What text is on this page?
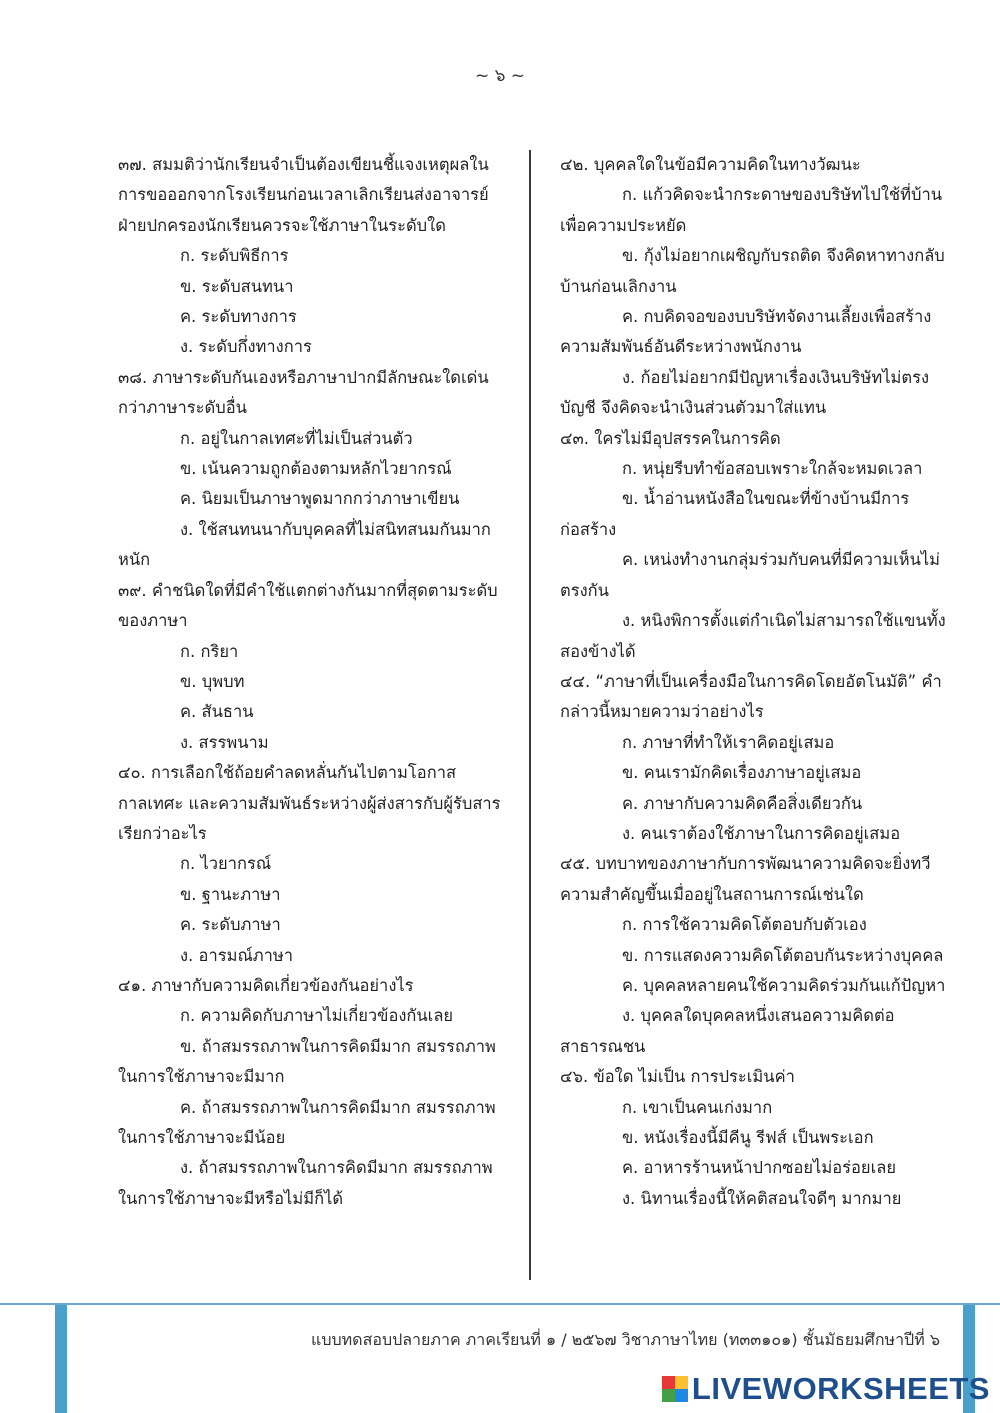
~ ๖ ~

๓๗. สมมติว่านักเรียนจำเป็นต้องเขียนชี้แจงเหตุผลในการขอออกจากโรงเรียนก่อนเวลาเลิกเรียนส่งอาจารย์ฝ่ายปกครองนักเรียนควรจะใช้ภาษาในระดับใด

ก. ระดับพิธีการ

ข. ระดับสนทนา

ค. ระดับทางการ

ง. ระดับกึ่งทางการ

๓๘. ภาษาระดับกันเองหรือภาษาปากมีลักษณะใดเด่นกว่าภาษาระดับอื่น

ก. อยู่ในกาลเทศะที่ไม่เป็นส่วนตัว

ข. เน้นความถูกต้องตามหลักไวยากรณ์

ค. นิยมเป็นภาษาพูดมากกว่าภาษาเขียน

ง. ใช้สนทนนากับบุคคลที่ไม่สนิทสนมกันมากหนัก

๓๙. คำชนิดใดที่มีคำใช้แตกต่างกันมากที่สุดตามระดับของภาษา

ก. กริยา

ข. บุพบท

ค. สันธาน

ง. สรรพนาม

๔๐. การเลือกใช้ถ้อยคำลดหลั่นกันไปตามโอกาส กาลเทศะ และความสัมพันธ์ระหว่างผู้ส่งสารกับผู้รับสารเรียกว่าอะไร

ก. ไวยากรณ์

ข. ฐานะภาษา

ค. ระดับภาษา

ง. อารมณ์ภาษา

๔๑. ภาษากับความคิดเกี่ยวข้องกันอย่างไร

ก. ความคิดกับภาษาไม่เกี่ยวข้องกันเลย

ข. ถ้าสมรรถภาพในการคิดมีมาก สมรรถภาพในการใช้ภาษาจะมีมาก

ค. ถ้าสมรรถภาพในการคิดมีมาก สมรรถภาพในการใช้ภาษาจะมีน้อย

ง. ถ้าสมรรถภาพในการคิดมีมาก สมรรถภาพในการใช้ภาษาจะมีหรือไม่มีก็ได้

๔๒. บุคคลใดในข้อมีความคิดในทางวัฒนะ

ก. แก้วคิดจะนำกระดาษของบริษัทไปใช้ที่บ้านเพื่อความประหยัด

ข. กุ้งไม่อยากเผชิญกับรถติด จึงคิดหาทางกลับบ้านก่อนเลิกงาน

ค. กบคิดจอของบบริษัทจัดงานเลี้ยงเพื่อสร้างความสัมพันธ์อันดีระหว่างพนักงาน

ง. ก้อยไม่อยากมีปัญหาเรื่องเงินบริษัทไม่ตรงบัญชี จึงคิดจะนำเงินส่วนตัวมาใส่แทน

๔๓. ใครไม่มีอุปสรรคในการคิด

ก. หนุ่ยรีบทำข้อสอบเพราะใกล้จะหมดเวลา

ข. น้ำอ่านหนังสือในขณะที่ข้างบ้านมีการก่อสร้าง

ค. เหน่งทำงานกลุ่มร่วมกับคนที่มีความเห็นไม่ตรงกัน

ง. หนิงพิการตั้งแต่กำเนิดไม่สามารถใช้แขนทั้งสองข้างได้

๔๔. “ภาษาที่เป็นเครื่องมือในการคิดโดยอัตโนมัติ” คำกล่าวนี้หมายความว่าอย่างไร

ก. ภาษาที่ทำให้เราคิดอยู่เสมอ

ข. คนเรามักคิดเรื่องภาษาอยู่เสมอ

ค. ภาษากับความคิดคือสิ่งเดียวกัน

ง. คนเราต้องใช้ภาษาในการคิดอยู่เสมอ

๔๕. บทบาทของภาษากับการพัฒนาความคิดจะยิ่งทวีความสำคัญขึ้นเมื่ออยู่ในสถานการณ์เช่นใด

ก. การใช้ความคิดโต้ตอบกับตัวเอง

ข. การแสดงความคิดโต้ตอบกันระหว่างบุคคล

ค. บุคคลหลายคนใช้ความคิดร่วมกันแก้ปัญหา

ง. บุคคลใดบุคคลหนึ่งเสนอความคิดต่อสาธารณชน

๔๖. ข้อใด ไม่เป็น การประเมินค่า

ก. เขาเป็นคนเก่งมาก

ข. หนังเรื่องนี้มีคีนู รีฟส์ เป็นพระเอก

ค. อาหารร้านหน้าปากซอยไม่อร่อยเลย

ง. นิทานเรื่องนี้ให้คติสอนใจดีๆ มากมาย

แบบทดสอบปลายภาค ภาคเรียนที่ ๑ / ๒๕๖๗ วิชาภาษาไทย (ท๓๓๑๐๑) ชั้นมัธยมศึกษาปีที่ ๖
LIVEWORKSHEETS
